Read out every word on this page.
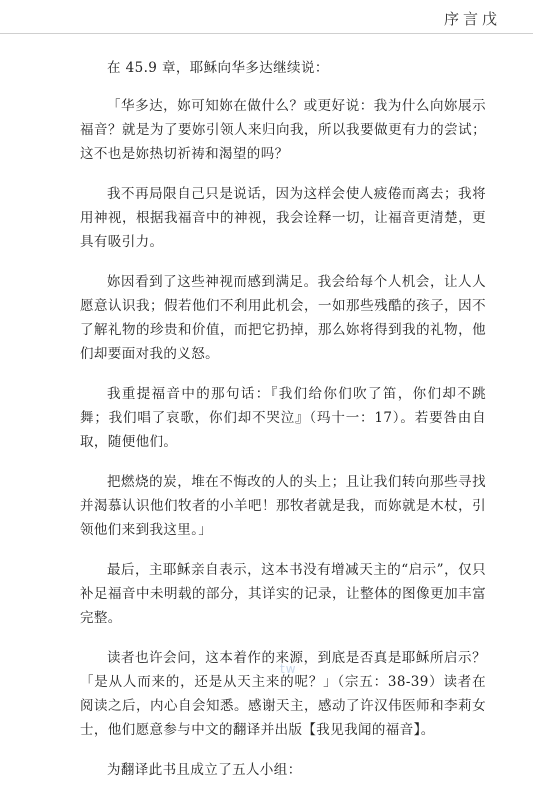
序言戊

在 45.9 章，耶稣向华多达继续说：

「华多达，妳可知妳在做什么？或更好说：我为什么向妳展示福音？就是为了要妳引领人来归向我，所以我要做更有力的尝试；这不也是妳热切祈祷和渴望的吗？

我不再局限自己只是说话，因为这样会使人疲倦而离去；我将用神视，根据我福音中的神视，我会诠释一切，让福音更清楚，更具有吸引力。

妳因看到了这些神视而感到满足。我会给每个人机会，让人人愿意认识我；假若他们不利用此机会，一如那些残酷的孩子，因不了解礼物的珍贵和价值，而把它扔掉，那么妳将得到我的礼物，他们却要面对我的义怒。

我重提福音中的那句话：『我们给你们吹了笛，你们却不跳舞；我们唱了哀歌，你们却不哭泣』（玛十一：17）。若要咎由自取，随便他们。

把燃烧的炭，堆在不悔改的人的头上；且让我们转向那些寻找并渴慕认识他们牧者的小羊吧！那牧者就是我，而妳就是木杖，引领他们来到我这里。」

最后，主耶稣亲自表示，这本书没有增减天主的“启示”，仅只补足福音中未明载的部分，其详实的记录，让整体的图像更加丰富完整。

读者也许会问，这本着作的来源，到底是否真是耶稣所启示？「是从人而来的，还是从天主来的呢？」（宗五：38-39）读者在阅读之后，内心自会知悉。感谢天主，感动了许汉伟医师和李莉女士，他们愿意参与中文的翻译并出版【我见我闻的福音】。

为翻译此书且成立了五人小组：

tw
